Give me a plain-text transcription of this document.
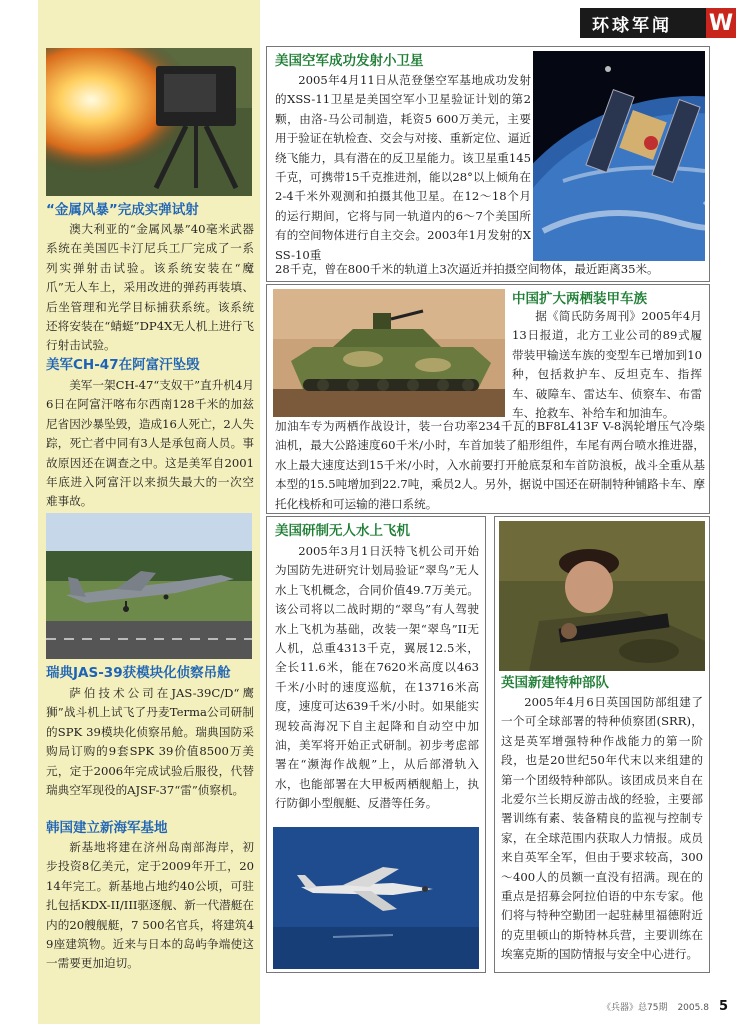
环球军闻	W
“金属风暴”完成实弹试射

澳大利亚的“金属风暴”40毫米武器系统在美国匹卡汀尼兵工厂完成了一系列实弹射击试验。该系统安装在“魔爪”无人车上，采用改进的弹药再装填、后坐管理和光学目标捕获系统。该系统还将安装在“蜻蜓”DP4X无人机上进行飞行射击试验。

美军CH-47在阿富汗坠毁

美军一架CH-47“支奴干”直升机4月6日在阿富汗喀布尔西南128千米的加兹尼省因沙暴坠毁，造成16人死亡，2人失踪，死亡者中同有3人是承包商人员。事故原因还在调查之中。这是美军自2001年底进入阿富汗以来损失最大的一次空难事故。

瑞典JAS-39获模块化侦察吊舱

萨伯技术公司在JAS-39C/D“鹰狮”战斗机上试飞了丹麦Terma公司研制的SPK 39模块化侦察吊舱。瑞典国防采购局订购的9套SPK 39价值8500万美元，定于2006年完成试验后服役，代替瑞典空军现役的AJSF-37“雷”侦察机。

韩国建立新海军基地

新基地将建在济州岛南部海岸，初步投资8亿美元，定于2009年开工，2014年完工。新基地占地约40公顷，可驻扎包括KDX-II/III驱逐舰、新一代潜艇在内的20艘舰艇，7 500名官兵，将建筑49座建筑物。近来与日本的岛屿争端使这一需要更加迫切。

美国空军成功发射小卫星

2005年4月11日从范登堡空军基地成功发射的XSS-11卫星是美国空军小卫星验证计划的第2颗，由洛-马公司制造，耗资5 600万美元，主要用于验证在轨检查、交会与对接、重新定位、逼近绕飞能力，具有潜在的反卫星能力。该卫星重145千克，可携带15千克推进剂，能以28°以上倾角在2-4千米外观测和拍摄其他卫星。在12～18个月的运行期间，它将与同一轨道内的6～7个美国所有的空间物体进行自主交会。2003年1月发射的XSS-10重

28千克，曾在800千米的轨道上3次逼近并拍摄空间物体，最近距离35米。

中国扩大两栖装甲车族

据《简氏防务周刊》2005年4月13日报道，北方工业公司的89式履带装甲输送车族的变型车已增加到10种，包括救护车、反坦克车、指挥车、破障车、雷达车、侦察车、布雷车、抢救车、补给车和加油车。

加油车专为两栖作战设计，装一台功率234千瓦的BF8L413F V-8涡轮增压气冷柴油机，最大公路速度60千米/小时，车首加装了船形组件，车尾有两台喷水推进器，水上最大速度达到15千米/小时，入水前要打开舱底泵和车首防浪板，战斗全重从基本型的15.5吨增加到22.7吨，乘员2人。另外，据说中国还在研制特种铺路卡车、摩托化栈桥和可运输的港口系统。

美国研制无人水上飞机

2005年3月1日沃特飞机公司开始为国防先进研究计划局验证“翠鸟”无人水上飞机概念，合同价值49.7万美元。该公司将以二战时期的“翠鸟”有人驾驶水上飞机为基础，改装一架“翠鸟”II无人机，总重4313千克，翼展12.5米，全长11.6米，能在7620米高度以463千米/小时的速度巡航，在13716米高度，速度可达639千米/小时。如果能实现较高海况下自主起降和自动空中加油，美军将开始正式研制。初步考虑部署在“濒海作战舰”上，从后部滑轨入水，也能部署在大甲板两栖舰船上，执行防御小型舰艇、反潜等任务。

英国新建特种部队

2005年4月6日英国国防部组建了一个可全球部署的特种侦察团(SRR)，这是英军增强特种作战能力的第一阶段，也是20世纪50年代末以来组建的第一个团级特种部队。该团成员来自在北爱尔兰长期反游击战的经验，主要部署训练有素、装备精良的监视与控制专家，在全球范围内获取人力情报。成员来自英军全军，但由于要求较高，300～400人的员额一直没有招满。现在的重点是招募会阿拉伯语的中东专家。他们将与特种空勤团一起驻赫里福德附近的克里顿山的斯特林兵营，主要训练在埃塞克斯的国防情报与安全中心进行。

《兵器》总75期 2005.8 5
